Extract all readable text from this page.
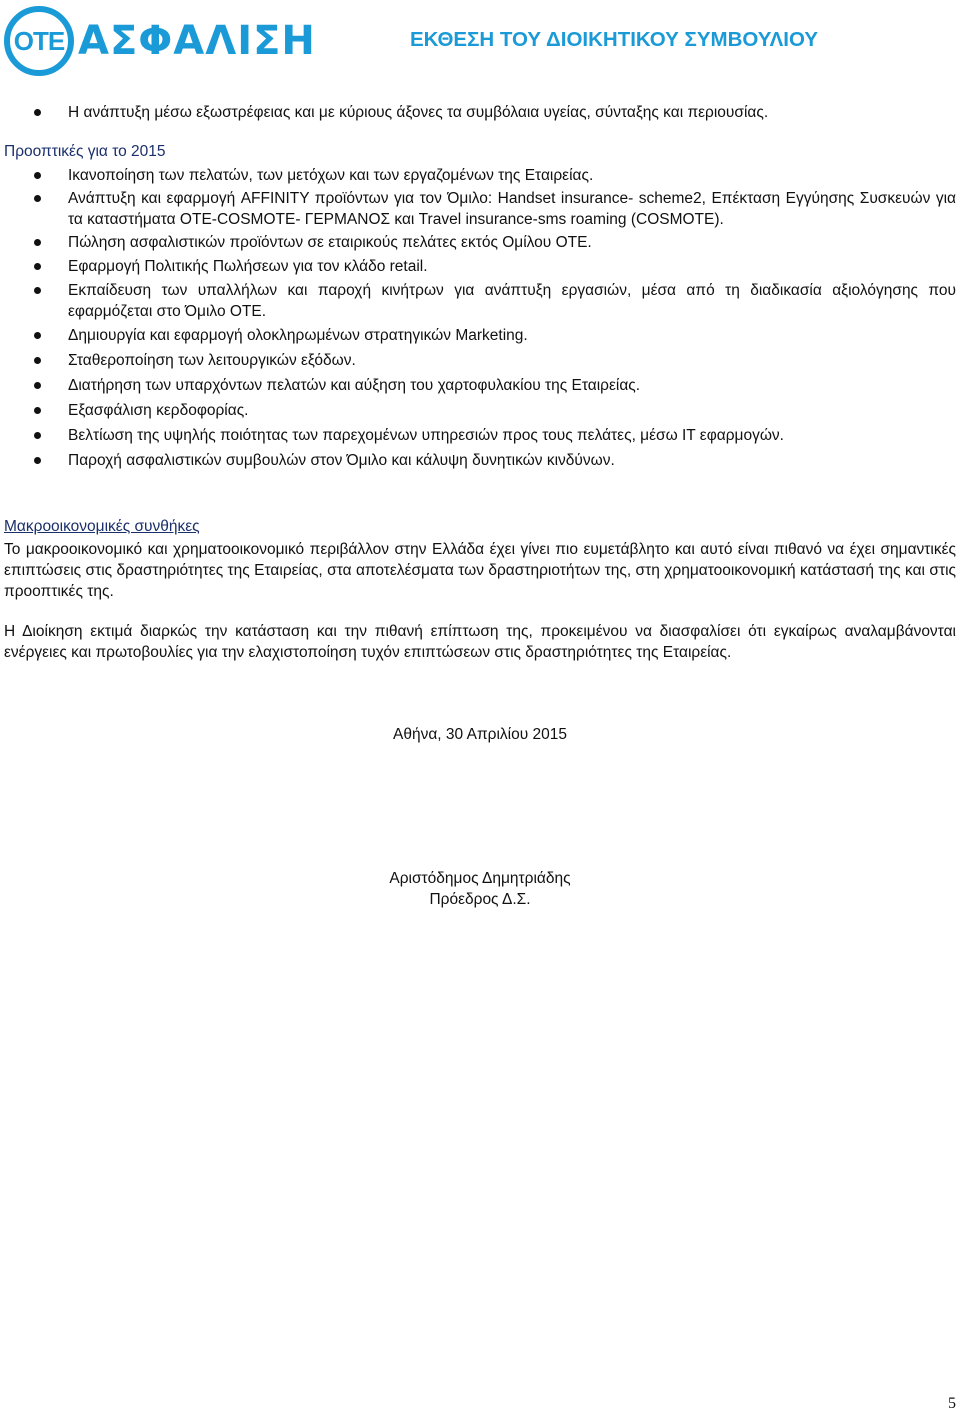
ΟΤΕ ΑΣΦΑΛΙΣΗ	ΕΚΘΕΣΗ ΤΟΥ ΔΙΟΙΚΗΤΙΚΟΥ ΣΥΜΒΟΥΛΙΟΥ
Η ανάπτυξη μέσω εξωστρέφειας και με κύριους άξονες τα συμβόλαια υγείας, σύνταξης και περιουσίας.
Προοπτικές για το 2015
Ικανοποίηση των πελατών, των μετόχων και των εργαζομένων της Εταιρείας.
Ανάπτυξη και εφαρμογή AFFINITY προϊόντων για τον Όμιλο: Handset insurance- scheme2, Επέκταση Εγγύησης Συσκευών για τα καταστήματα OTE-COSMOTE- ΓΕΡΜΑΝΟΣ και Travel insurance-sms roaming (COSMOTE).
Πώληση ασφαλιστικών προϊόντων σε εταιρικούς πελάτες εκτός Ομίλου ΟΤΕ.
Εφαρμογή Πολιτικής Πωλήσεων για τον κλάδο retail.
Εκπαίδευση των υπαλλήλων και παροχή κινήτρων για ανάπτυξη εργασιών, μέσα από τη διαδικασία αξιολόγησης που εφαρμόζεται στο Όμιλο ΟΤΕ.
Δημιουργία και εφαρμογή ολοκληρωμένων στρατηγικών Marketing.
Σταθεροποίηση των λειτουργικών εξόδων.
Διατήρηση των υπαρχόντων πελατών και αύξηση του χαρτοφυλακίου της Εταιρείας.
Εξασφάλιση κερδοφορίας.
Βελτίωση της υψηλής ποιότητας των παρεχομένων υπηρεσιών προς τους πελάτες, μέσω IT εφαρμογών.
Παροχή ασφαλιστικών συμβουλών στον Όμιλο και κάλυψη δυνητικών κινδύνων.
Μακροοικονομικές συνθήκες
Το μακροοικονομικό και χρηματοοικονομικό περιβάλλον στην Ελλάδα έχει γίνει πιο ευμετάβλητο και αυτό είναι πιθανό να έχει σημαντικές επιπτώσεις στις δραστηριότητες της Εταιρείας, στα αποτελέσματα των δραστηριοτήτων της, στη χρηματοοικονομική κατάστασή της και στις προοπτικές της.
Η Διοίκηση εκτιμά διαρκώς την κατάσταση και την πιθανή επίπτωση της, προκειμένου να διασφαλίσει ότι εγκαίρως αναλαμβάνονται ενέργειες και πρωτοβουλίες για την ελαχιστοποίηση τυχόν επιπτώσεων στις δραστηριότητες της Εταιρείας.
Αθήνα, 30 Απριλίου 2015
Αριστόδημος Δημητριάδης
Πρόεδρος Δ.Σ.
5
